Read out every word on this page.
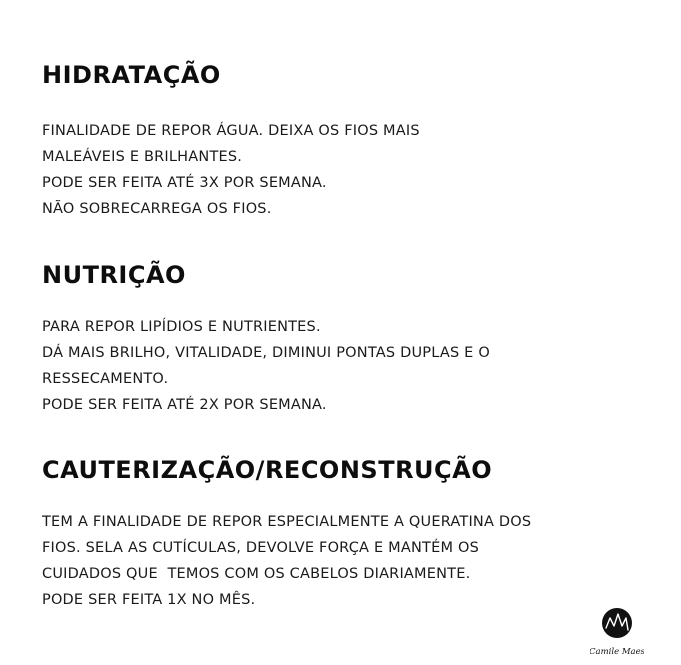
HIDRATAÇÃO
FINALIDADE DE REPOR ÁGUA. DEIXA OS FIOS MAIS
MALEÁVEIS E BRILHANTES.
PODE SER FEITA ATÉ 3X POR SEMANA.
NÃO SOBRECARREGA OS FIOS.
NUTRIÇÃO
PARA REPOR LIPÍDIOS E NUTRIENTES.
DÁ MAIS BRILHO, VITALIDADE, DIMINUI PONTAS DUPLAS E O
RESSECAMENTO.
PODE SER FEITA ATÉ 2X POR SEMANA.
CAUTERIZAÇÃO/RECONSTRUÇÃO
TEM A FINALIDADE DE REPOR ESPECIALMENTE A QUERATINA DOS
FIOS. SELA AS CUTÍCULAS, DEVOLVE FORÇA E MANTÉM OS
CUIDADOS QUE  TEMOS COM OS CABELOS DIARIAMENTE.
PODE SER FEITA 1X NO MÊS.
Camile Maes
